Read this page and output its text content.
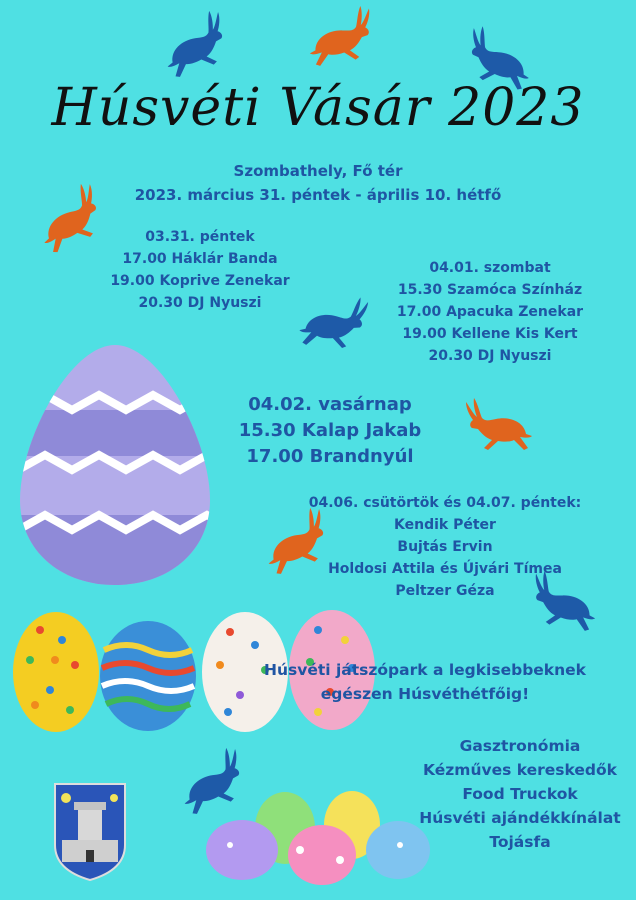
Húsvéti Vásár 2023
Szombathely, Fő tér
2023. március 31. péntek - április 10. hétfő
03.31. péntek
17.00 Háklár Banda
19.00 Koprive Zenekar
20.30 DJ Nyuszi
04.01. szombat
15.30 Szamóca Színház
17.00 Apacuka Zenekar
19.00 Kellene Kis Kert
20.30 DJ Nyuszi
04.02. vasárnap
15.30 Kalap Jakab
17.00 Brandnyúl
04.06. csütörtök és 04.07. péntek:
Kendik Péter
Bujtás Ervin
Holdosi Attila és Újvári Tímea
Peltzer Géza
Húsvéti játszópark a legkisebbeknek
egészen Húsvéthétfőig!
Gasztronómia
Kézműves kereskedők
Food Truckok
Húsvéti ajándékkínálat
Tojásfa
